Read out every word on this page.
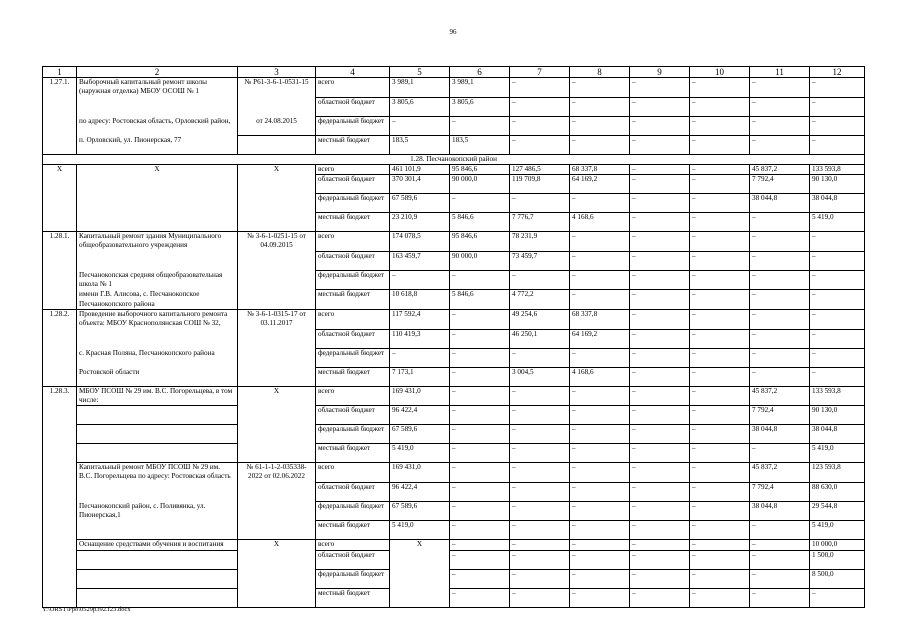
96
1	2	3	4	5	6	7	8	9	10	11	12
1.27.1.	Выборочный капитальный ремонт школы (наружная отделка) МБОУ ОСОШ № 1	№ Р61-3-6-1-0531-15	всего	3 989,1	3 989,1	–	–	–	–	–	–
			областной бюджет	3 805,6	3 805,6	–	–	–	–	–	–
	по адресу: Ростовская область, Орловский район,	от 24.08.2015	федеральный бюджет	–	–	–	–	–	–	–	–
	п. Орловский, ул. Пионерская, 77		местный бюджет	183,5	183,5	–	–	–	–	–	–
1.28. Песчанокопский район											
Х	Х	Х	всего	461 101,9	95 846,6	127 486,5	68 337,8	–	–	45 837,2	133 593,8
			областной бюджет	370 301,4	90 000,0	119 709,8	64 169,2	–	–	7 792,4	90 130,0
			федеральный бюджет	67 589,6	–	–	–	–	–	38 044,8	38 044,8
			местный бюджет	23 210,9	5 846,6	7 776,7	4 168,6	–	–	–	5 419,0
1.28.1.	Капитальный ремонт здания Муниципального общеобразовательного учреждения	№ 3-6-1-0251-15 от 04.09.2015	всего	174 078,5	95 846,6	78 231,9	–	–	–	–	–
			областной бюджет	163 459,7	90 000,0	73 459,7	–	–	–	–	–
	Песчанокопская средняя общеобразовательная школа № 1		федеральный бюджет	–	–	–	–	–	–	–	–
	имени Г.В. Алисова, с. Песчанокопское Песчанокопского района		местный бюджет	10 618,8	5 846,6	4 772,2	–	–	–	–	–
1.28.2.	Проведение выборочного капитального ремонта объекта: МБОУ Краснополянская СОШ № 32,	№ 3-6-1-0315-17 от 03.11.2017	всего	117 592,4	–	49 254,6	68 337,8	–	–	–	–
			областной бюджет	110 419,3	–	46 250,1	64 169,2	–	–	–	–
	с. Красная Поляна, Песчанокопского района		федеральный бюджет	–	–	–	–	–	–	–	–
	Ростовской области		местный бюджет	7 173,1	–	3 004,5	4 168,6	–	–	–	–
1.28.3.	МБОУ ПСОШ № 29 им. В.С. Погорельцева, в том числе:	Х	всего	169 431,0	–	–	–	–	–	45 837,2	133 593,8
			областной бюджет	96 422,4	–	–	–	–	–	7 792,4	90 130,0
			федеральный бюджет	67 589,6	–	–	–	–	–	38 044,8	38 044,8
			местный бюджет	5 419,0	–	–	–	–	–	–	5 419,0
	Капитальный ремонт МБОУ ПСОШ № 29 им. В.С. Погорельцева по адресу: Ростовская область	№ 61-1-1-2-035338-2022 от 02.06.2022	всего	169 431,0	–	–	–	–	–	45 837,2	123 593,8
			областной бюджет	96 422,4	–	–	–	–	–	7 792,4	88 630,0
	Песчанокопский район, с. Поливянка, ул. Пионерская,1		федеральный бюджет	67 589,6	–	–	–	–	–	38 044,8	29 544,8
			местный бюджет	5 419,0	–	–	–	–	–	–	5 419,0
	Оснащение средствами обучения и воспитания	Х	всего	Х	–	–	–	–	–	–	10 000,0
			областной бюджет		–	–	–	–	–	–	1 500,0
			федеральный бюджет		–	–	–	–	–	–	8 500,0
			местный бюджет		–	–	–	–	–	–	–
Y:\ORST\Ppo\0529p392.f23.docx
